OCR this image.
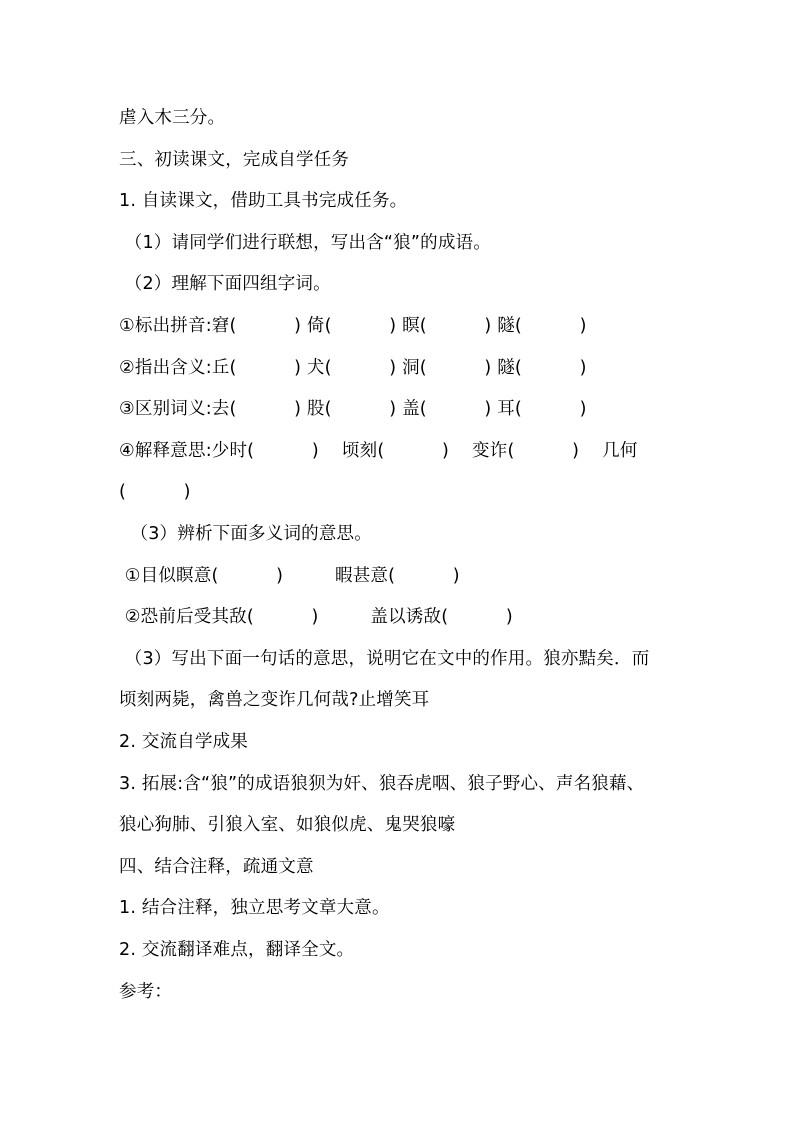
虐入木三分。
三、初读课文，完成自学任务
1. 自读课文，借助工具书完成任务。
（1）请同学们进行联想，写出含“狼”的成语。
（2）理解下面四组字词。
①标出拼音:窘(          ) 倚(          ) 瞑(          ) 隧(          )
②指出含义:丘(          ) 犬(          ) 洞(          ) 隧(          )
③区别词义:去(          ) 股(          ) 盖(          ) 耳(          )
④解释意思:少时(          )    顷刻(          )    变诈(          )    几何
(          )
（3）辨析下面多义词的意思。
①目似瞑意(          )         暇甚意(          )
②恐前后受其敌(          )         盖以诱敌(          )
（3）写出下面一句话的意思，说明它在文中的作用。狼亦黠矣．而
顷刻两毙，禽兽之变诈几何哉?止增笑耳
2. 交流自学成果
3. 拓展:含“狼”的成语狼狈为奸、狼吞虎咽、狼子野心、声名狼藉、
狼心狗肺、引狼入室、如狼似虎、鬼哭狼嚎
四、结合注释，疏通文意
1. 结合注释，独立思考文章大意。
2. 交流翻译难点，翻译全文。
参考：
